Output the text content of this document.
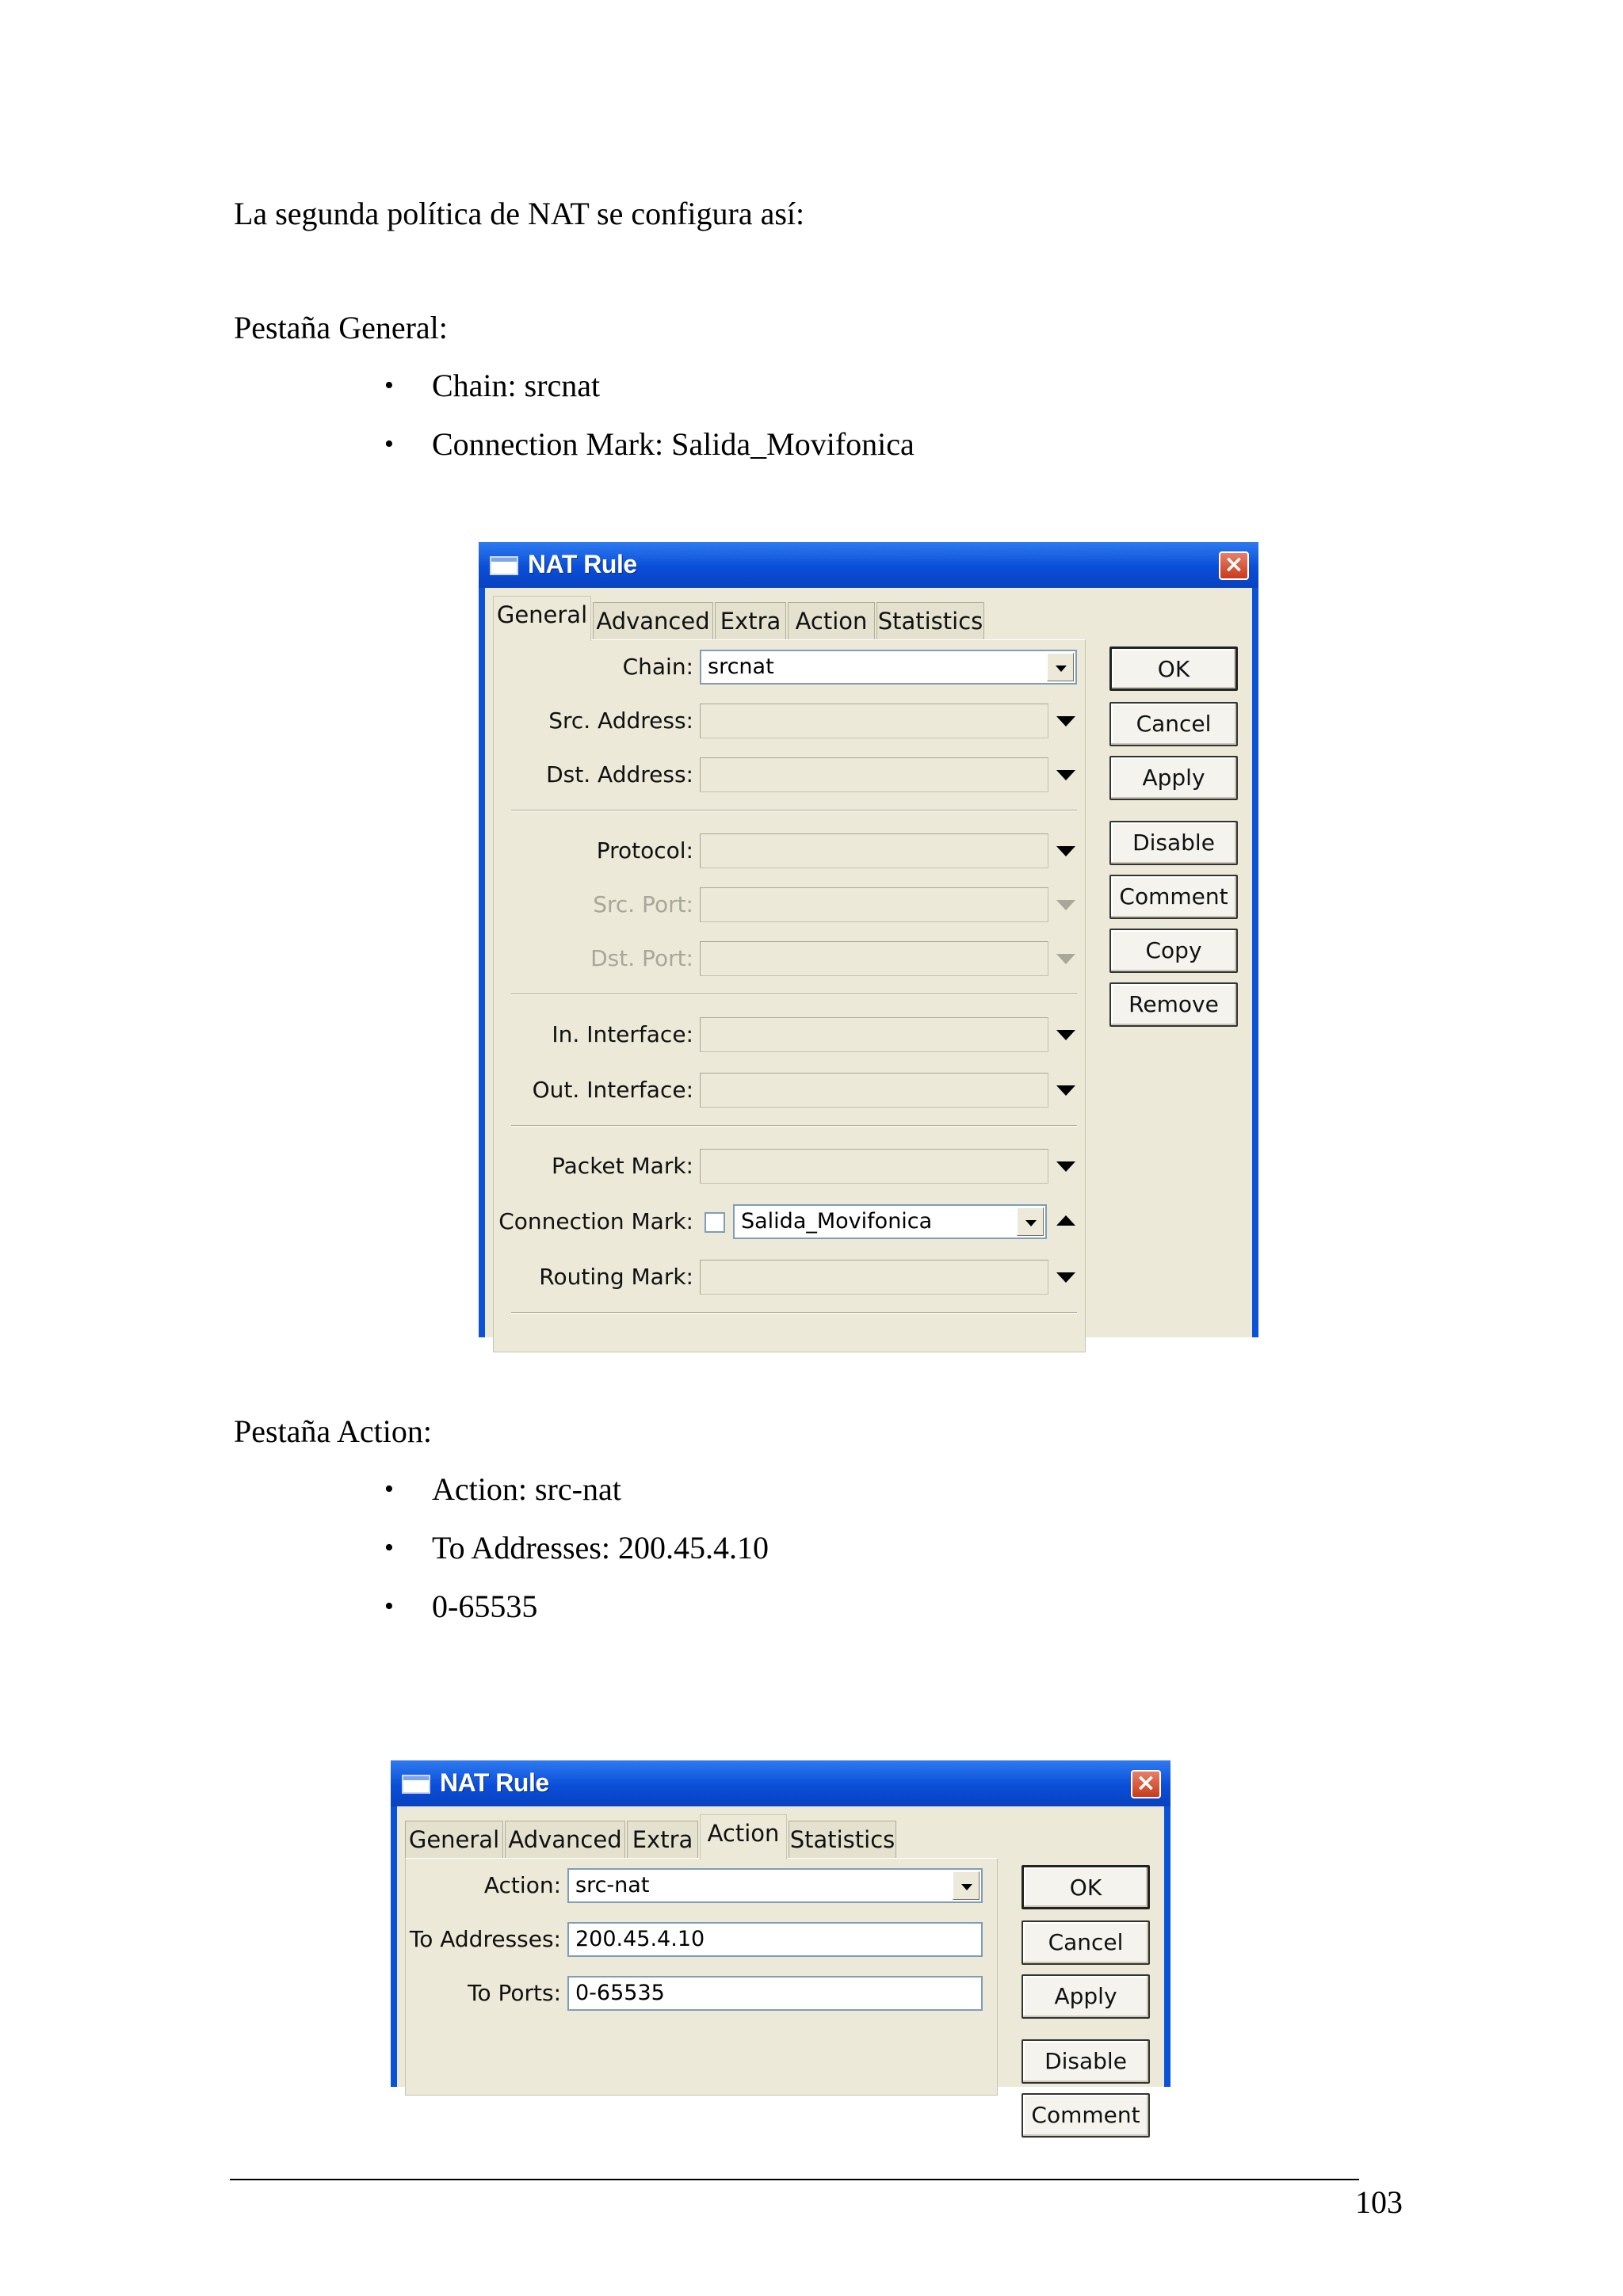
La segunda política de NAT se configura así:
Pestaña General:
• Chain: srcnat
• Connection Mark: Salida_Movifonica
NAT Rule	×
General Advanced Extra Action Statistics
Chain: srcnat
Src. Address:
Dst. Address:
Protocol:
Src. Port:
Dst. Port:
In. Interface:
Out. Interface:
Packet Mark:
Connection Mark: Salida_Movifonica
Routing Mark:
OK
Cancel
Apply
Disable
Comment
Copy
Remove
Pestaña Action:
• Action: src-nat
• To Addresses: 200.45.4.10
• 0-65535
NAT Rule	×
General Advanced Extra Action Statistics
Action: src-nat
To Addresses: 200.45.4.10
To Ports: 0-65535
OK
Cancel
Apply
Disable
Comment
103
